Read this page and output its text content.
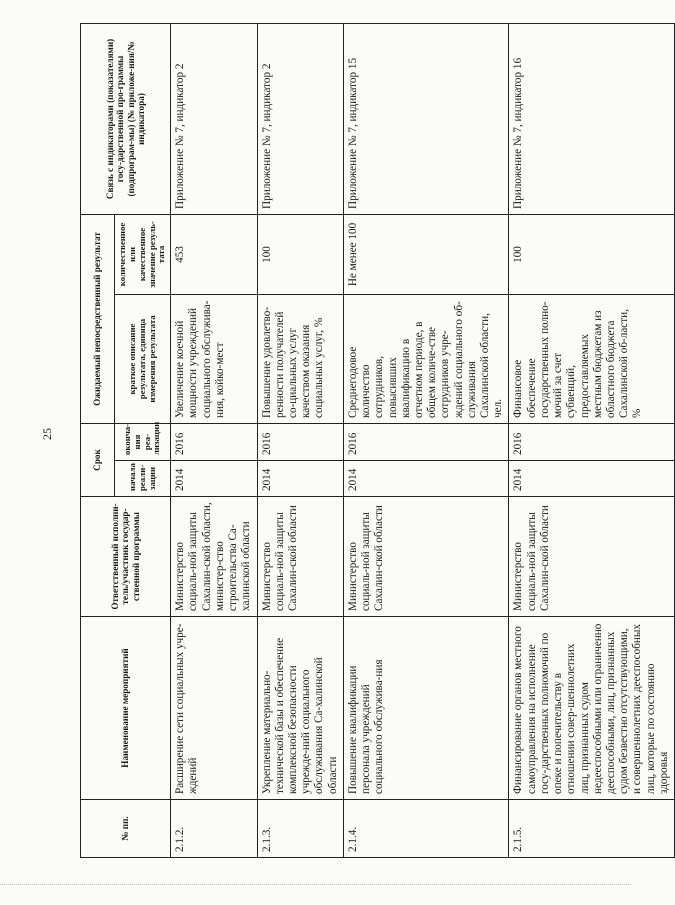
25
№ пп.	Наименование мероприятий	Ответственный исполни-тель/участник государ-ственной программы	Срок		Ожидаемый непосредственный результат		Связь с индикаторами (показателями) госу-дарственной про-граммы (подпрограм-мы) (№ приложе-ния/№ индикатора)
			начала реали-зации	оконча-ния реа-лизации	краткое описание результата, единица измерения результата	количественное или качественное значение резуль-тата	
2.1.2.	Расширение сети социальных учре-ждений	Министерство социаль-ной защиты Сахалин-ской области, министер-ство строительства Са-халинской области	2014	2016	Увеличение коечной мощности учреждений социального обслужива-ния, койко-мест	453	Приложение № 7, индикатор 2
2.1.3.	Укрепление материально-технической базы и обеспечение комплексной безопасности учрежде-ний социального обслуживания Са-халинской области	Министерство социаль-ной защиты Сахалин-ской области	2014	2016	Повышение удовлетво-ренности получателей со-циальных услуг качеством оказания социальных услуг, %	100	Приложение № 7, индикатор 2
2.1.4.	Повышение квалификации персонала учреждений социального обслужива-ния	Министерство социаль-ной защиты Сахалин-ской области	2014	2016	Среднегодовое количество сотрудников, повысивших квалификацию в отчетном периоде, в общем количе-стве сотрудников учре-ждений социального об-служивания Сахалинской области, чел.	Не менее 100	Приложение № 7, индикатор 15
2.1.5.	Финансирование органов местного самоуправления на исполнение госу-дарственных полномочий по опеке и попечительству в отношении совер-шеннолетних лиц, признанных судом недееспособными или ограниченно дееспособными, лиц, признанных судом безвестно отсутствующими, и совершеннолетних дееспособных лиц, которые по состоянию здоровья	Министерство социаль-ной защиты Сахалин-ской области	2014	2016	Финансовое обеспечение государственных полно-мочий за счет субвенций, предоставляемых местным бюджетам из областного бюджета Сахалинской об-ласти, %	100	Приложение № 7, индикатор 16
